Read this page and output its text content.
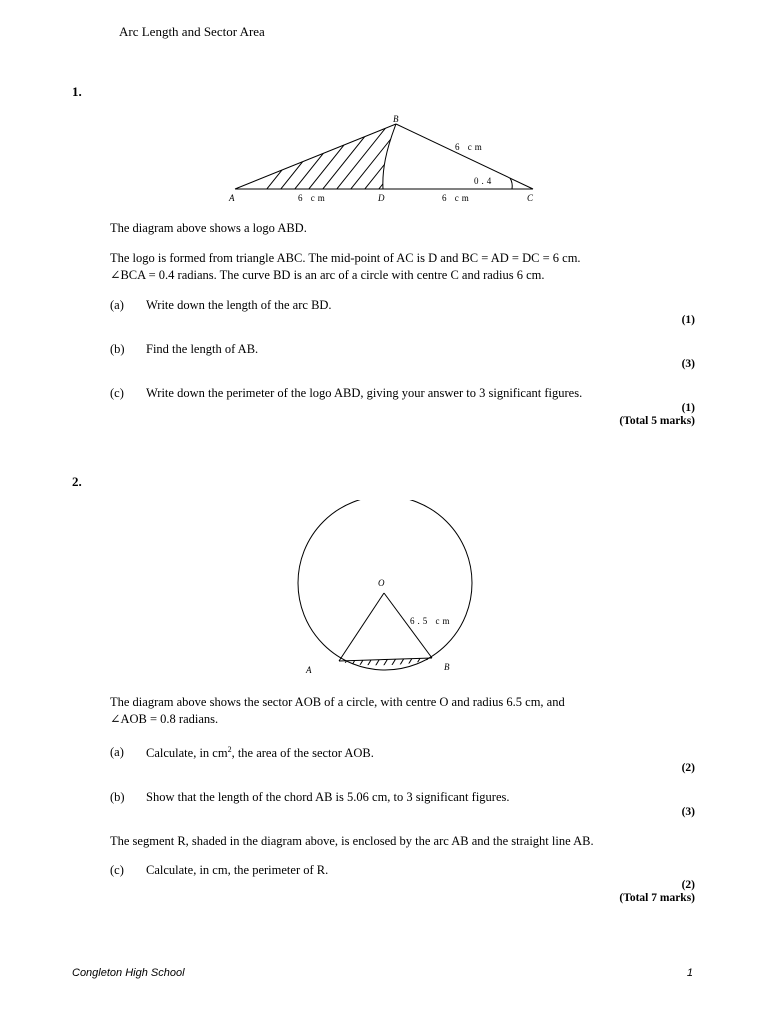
Arc Length and Sector Area
1.
A
B
D	C
6 cm
6 cm	6 cm
0.4
The diagram above shows a logo ABD.
The logo is formed from triangle ABC. The mid-point of AC is D and BC = AD = DC = 6 cm.
∠BCA = 0.4 radians. The curve BD is an arc of a circle with centre C and radius 6 cm.
(a) Write down the length of the arc BD.
(1)
(b) Find the length of AB.
(3)
(c) Write down the perimeter of the logo ABD, giving your answer to 3 significant figures.
(1)
(Total 5 marks)
2.
O
A	B
6.5 cm
The diagram above shows the sector AOB of a circle, with centre O and radius 6.5 cm, and
∠AOB = 0.8 radians.
(a) Calculate, in $cm^2$, the area of the sector AOB.
(2)
(b) Show that the length of the chord AB is 5.06 cm, to 3 significant figures.
(3)
The segment R, shaded in the diagram above, is enclosed by the arc AB and the straight line AB.
(c) Calculate, in cm, the perimeter of R.
(2)
(Total 7 marks)
Congleton High School	1
